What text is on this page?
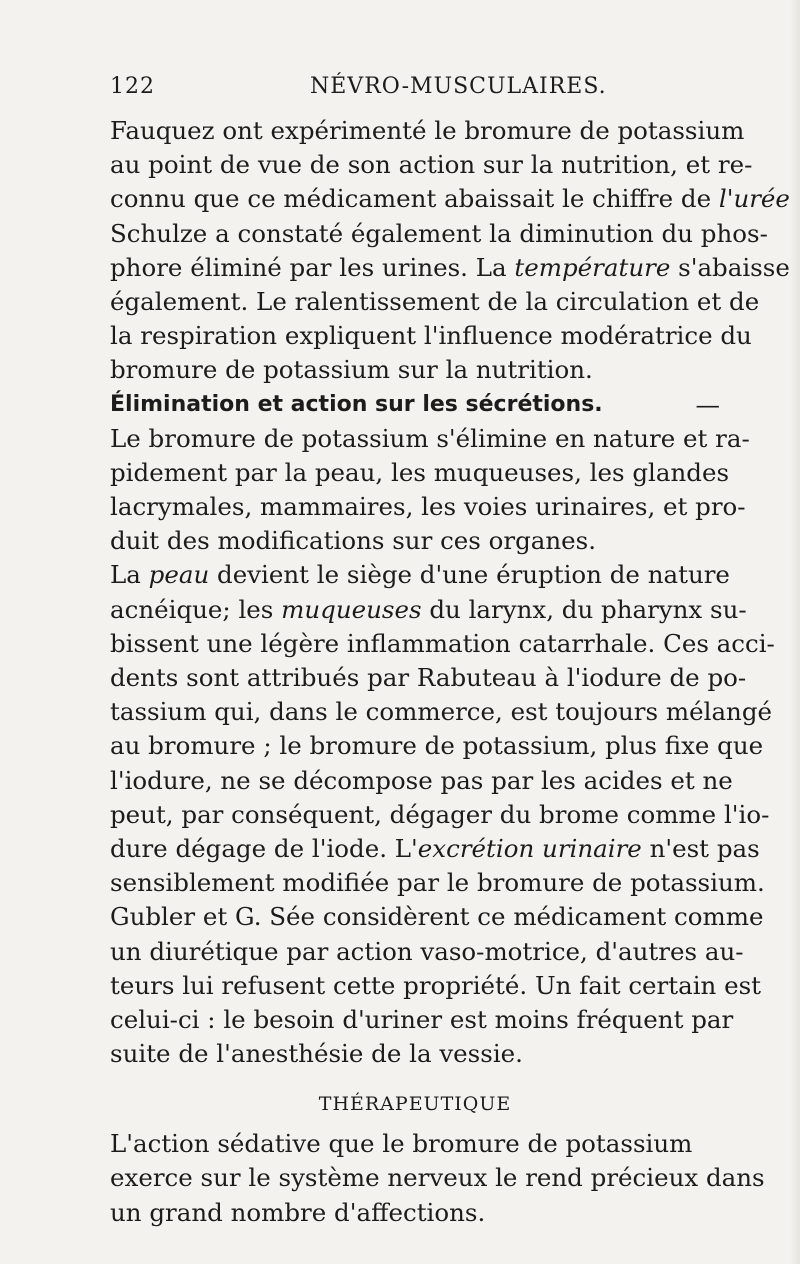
122	NÉVRO-MUSCULAIRES.
Fauquez ont expérimenté le bromure de potassium
au point de vue de son action sur la nutrition, et re-
connu que ce médicament abaissait le chiffre de l'urée
Schulze a constaté également la diminution du phos-
phore éliminé par les urines. La température s'abaisse
également. Le ralentissement de la circulation et de
la respiration expliquent l'influence modératrice du
bromure de potassium sur la nutrition.
Élimination et action sur les sécrétions.	—
Le bromure de potassium s'élimine en nature et ra-
pidement par la peau, les muqueuses, les glandes
lacrymales, mammaires, les voies urinaires, et pro-
duit des modifications sur ces organes.
La peau devient le siège d'une éruption de nature
acnéique; les muqueuses du larynx, du pharynx su-
bissent une légère inflammation catarrhale. Ces acci-
dents sont attribués par Rabuteau à l'iodure de po-
tassium qui, dans le commerce, est toujours mélangé
au bromure ; le bromure de potassium, plus fixe que
l'iodure, ne se décompose pas par les acides et ne
peut, par conséquent, dégager du brome comme l'io-
dure dégage de l'iode. L'excrétion urinaire n'est pas
sensiblement modifiée par le bromure de potassium.
Gubler et G. Sée considèrent ce médicament comme
un diurétique par action vaso-motrice, d'autres au-
teurs lui refusent cette propriété. Un fait certain est
celui-ci : le besoin d'uriner est moins fréquent par
suite de l'anesthésie de la vessie.
THÉRAPEUTIQUE
L'action sédative que le bromure de potassium
exerce sur le système nerveux le rend précieux dans
un grand nombre d'affections.
